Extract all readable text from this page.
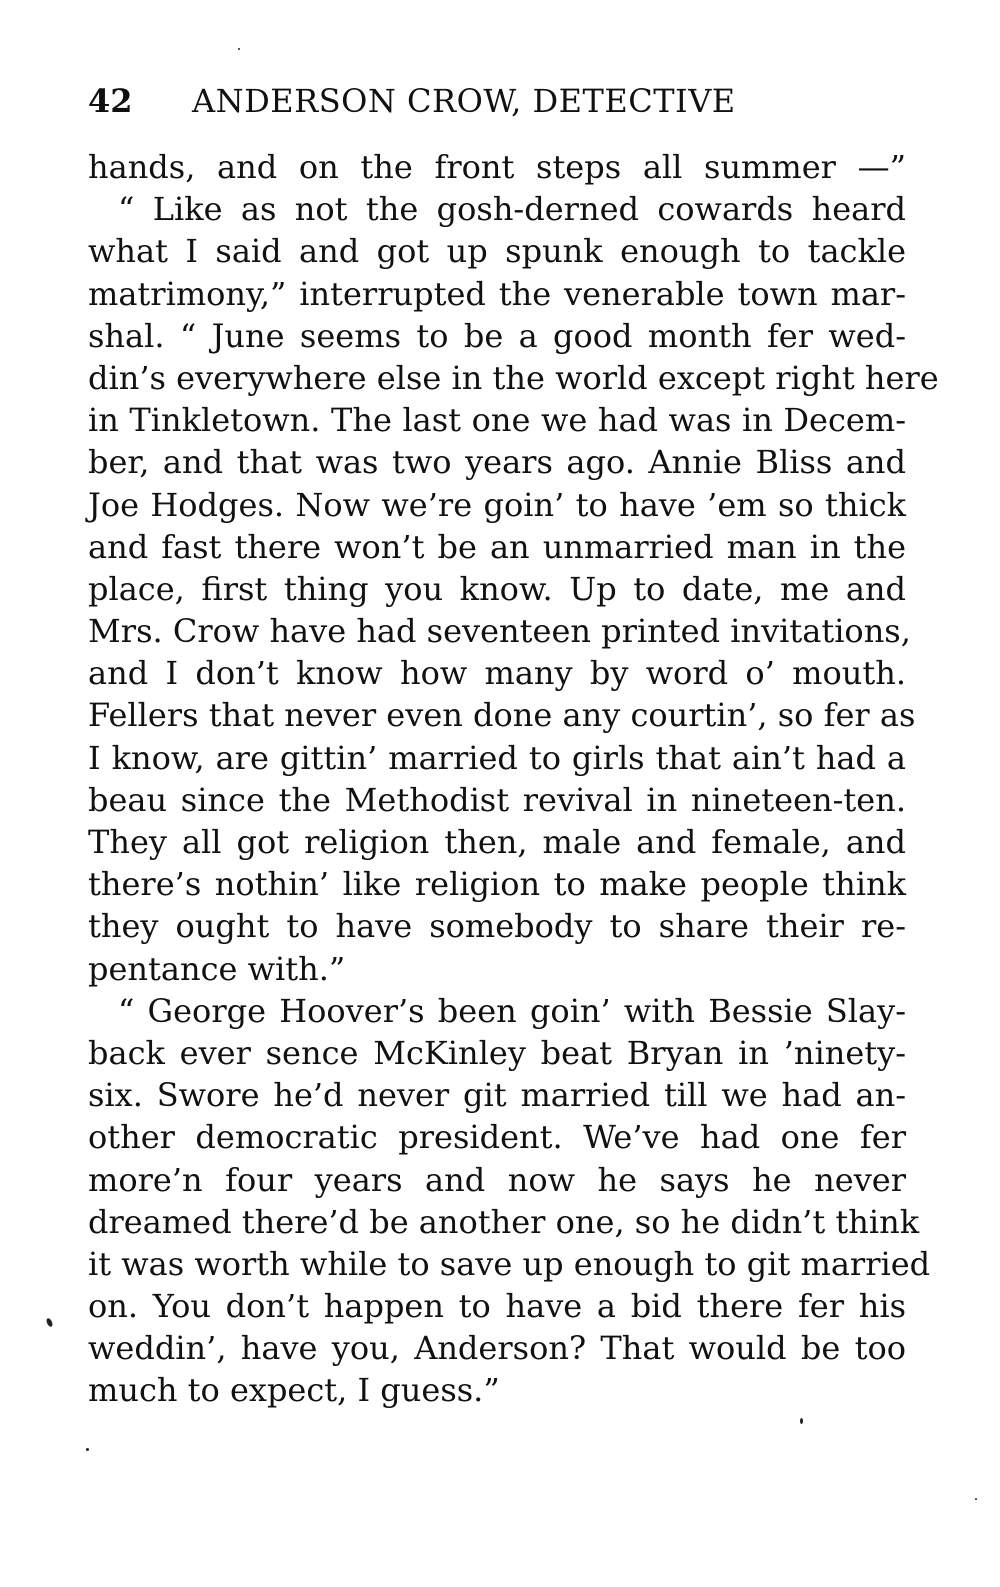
42 ANDERSON CROW, DETECTIVE
hands, and on the front steps all summer —”
“ Like as not the gosh-derned cowards heard
what I said and got up spunk enough to tackle
matrimony,” interrupted the venerable town mar-
shal. “ June seems to be a good month fer wed-
din’s everywhere else in the world except right here
in Tinkletown. The last one we had was in Decem-
ber, and that was two years ago. Annie Bliss and
Joe Hodges. Now we’re goin’ to have ’em so thick
and fast there won’t be an unmarried man in the
place, first thing you know. Up to date, me and
Mrs. Crow have had seventeen printed invitations,
and I don’t know how many by word o’ mouth.
Fellers that never even done any courtin’, so fer as
I know, are gittin’ married to girls that ain’t had a
beau since the Methodist revival in nineteen-ten.
They all got religion then, male and female, and
there’s nothin’ like religion to make people think
they ought to have somebody to share their re-
pentance with.”
“ George Hoover’s been goin’ with Bessie Slay-
back ever sence McKinley beat Bryan in ’ninety-
six. Swore he’d never git married till we had an-
other democratic president. We’ve had one fer
more’n four years and now he says he never
dreamed there’d be another one, so he didn’t think
it was worth while to save up enough to git married
on. You don’t happen to have a bid there fer his
weddin’, have you, Anderson? That would be too
much to expect, I guess.”
